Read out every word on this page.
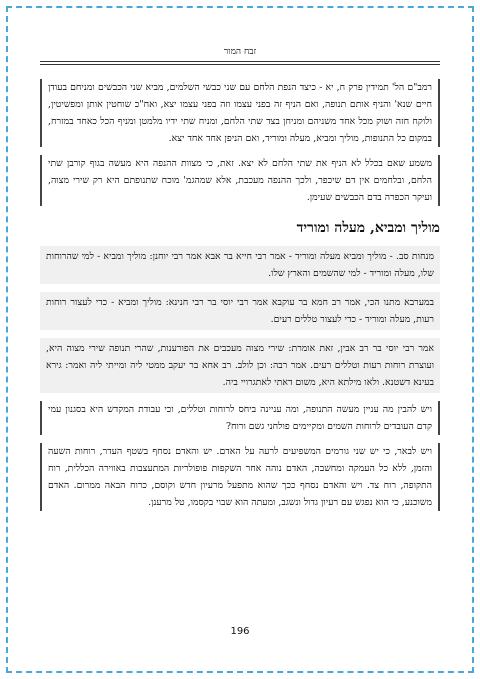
זבח המור

רמב"ם הל' תמידין פרק ח, יא - כיצד הנפת הלחם עם שני כבשי השלמים, מביא שני הכבשים ומניחם בעודן חיים שנא' והניף אותם תנופה, ואם הניף זה בפני עצמו וזה בפני עצמו יצא, ואח"כ שוחטין אותן ומפשיטין, ולוקח חזה ושוק מכל אחד משניהם ומניחן בצד שתי הלחם, ומניח שתי ידיו מלמטן ומניף הכל כאחד במזרח, במקום כל התנופות, מוליך ומביא, מעלה ומוריד, ואם הניפן אחד אחד יצא.

משמע שאם בכלל לא הניף את שתי הלחם לא יצא. זאת, כי מצוות ההנפה היא מעשה בגוף קורבן שתי הלחם, ובלחמים אין דם שיכפר, ולכך ההנפה מעכבת, אלא שמהגמ' מוכח שתנופתם היא רק שירי מצוה, ועיקר הכפרה בדם הכבשים שעימן.

מוליך ומביא, מעלה ומוריד

מנחות סב. - מוליך ומביא מעלה ומוריד - אמר רבי חייא בר אבא אמר רבי יוחנן: מוליך ומביא - למי שהרוחות שלו, מעלה ומוריד - למי שהשמים והארץ שלו.

במערבא מתנו הכי, אמר רב חמא בר עוקבא אמר רבי יוסי בר רבי חנינא: מוליך ומביא - כדי לעצור רוחות רעות, מעלה ומוריד - כדי לעצור טללים רעים.

אמר רבי יוסי בר רב אבין, זאת אומרת: שירי מצוה מעכבים את הפורענות, שהרי תנופה שירי מצוה היא, ועוצרת רוחות רעות וטללים רעים. אמר רבה: וכן לולב. רב אחא בר יעקב ממטי ליה ומייתי ליה ואמר: גירא בעינא דשטנא. ולאו מילתא היא, משום דאתי לאתגרויי ביה.

ויש להבין מה עניין מעשה התנופה, ומה עניינה ביחס לרוחות וטללים, וכי עבודת המקדש היא בסגנון עמי קדם העובדים לרוחות השמים ומקיימים פולחני גשם ורוח?

ויש לבאר, כי יש שני גורמים המשפיעים לרעה על האדם. יש והאדם נסחף בשטף העדר, רוחות השעה והזמן, ללא כל העמקה ומחשבה, האדם נוהה אחר השקפות פופולריות המתעצבות באווירה הכללית, רוח התקופה, רוח צד. ויש והאדם נסחף ככך שהוא מתפעל מרעיון חדש וקוסם, כרוח הבאה ממרום. האדם משוכנע, כי הוא נפגש עם רעיון גדול ונשגב, ומעתה הוא שבוי בקסמו, טל מרענן.

196
